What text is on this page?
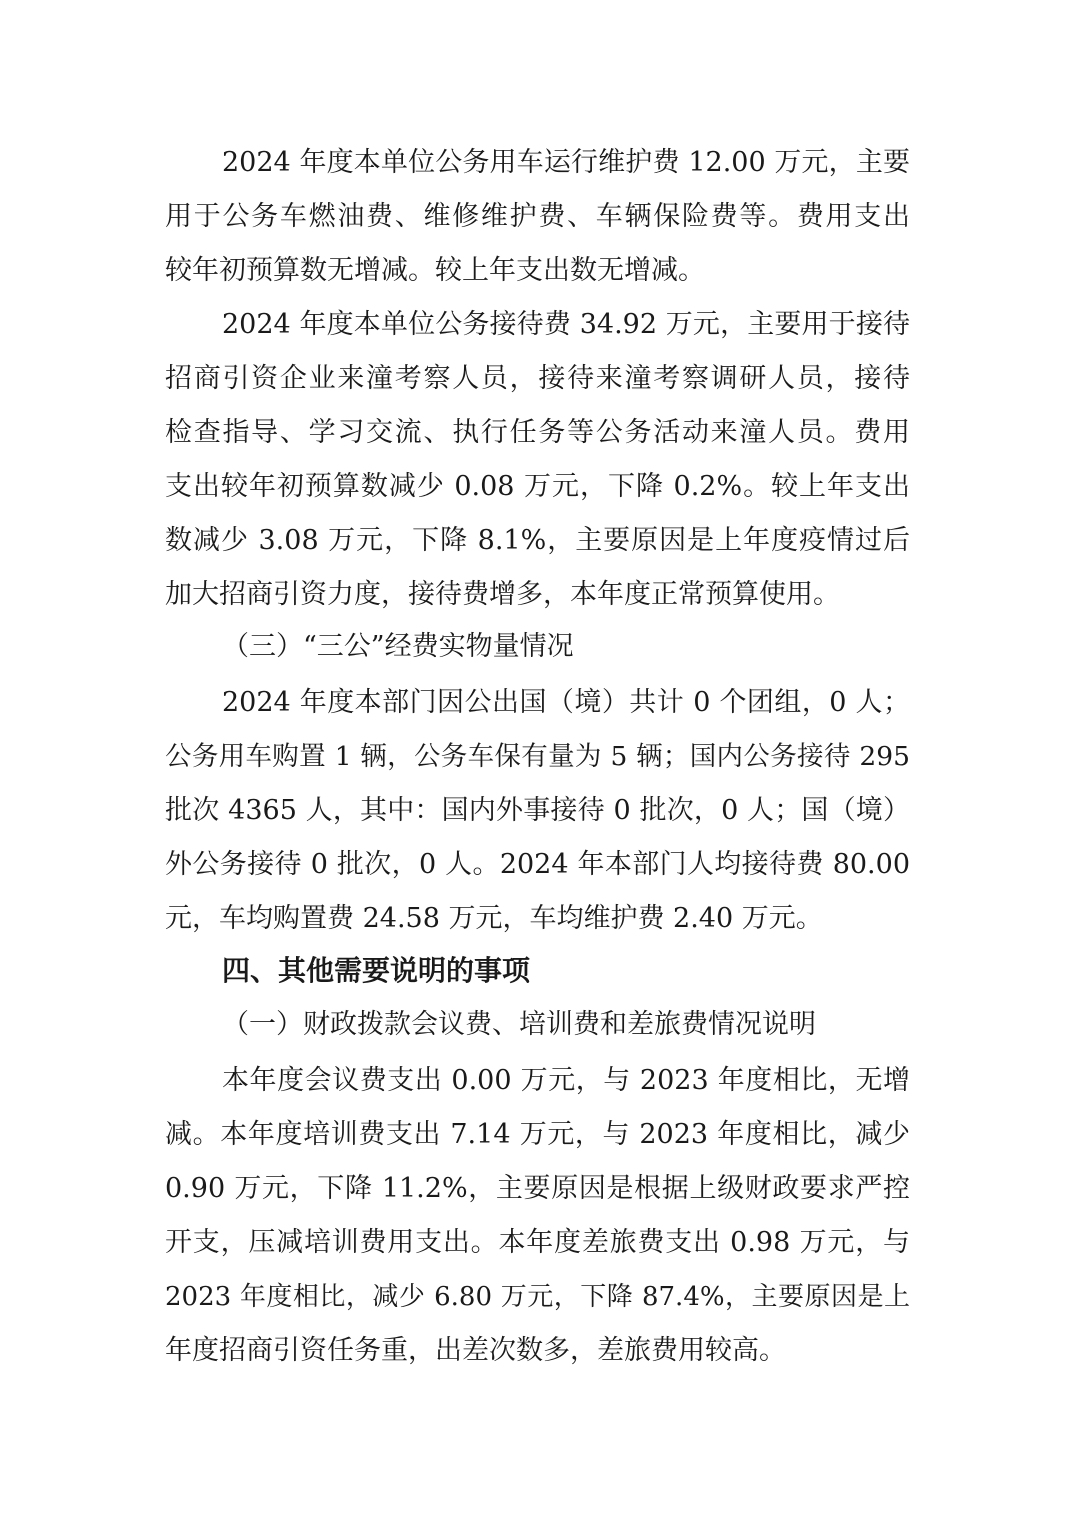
2024 年度本单位公务用车运行维护费 12.00 万元，主要
用于公务车燃油费、维修维护费、车辆保险费等。费用支出
较年初预算数无增减。较上年支出数无增减。
2024 年度本单位公务接待费 34.92 万元，主要用于接待
招商引资企业来潼考察人员，接待来潼考察调研人员，接待
检查指导、学习交流、执行任务等公务活动来潼人员。费用
支出较年初预算数减少 0.08 万元，下降 0.2%。较上年支出
数减少 3.08 万元，下降 8.1%，主要原因是上年度疫情过后
加大招商引资力度，接待费增多，本年度正常预算使用。
（三）“三公”经费实物量情况
2024 年度本部门因公出国（境）共计 0 个团组，0 人；
公务用车购置 1 辆，公务车保有量为 5 辆；国内公务接待 295
批次 4365 人，其中：国内外事接待 0 批次，0 人；国（境）
外公务接待 0 批次，0 人。2024 年本部门人均接待费 80.00
元，车均购置费 24.58 万元，车均维护费 2.40 万元。
四、其他需要说明的事项
（一）财政拨款会议费、培训费和差旅费情况说明
本年度会议费支出 0.00 万元，与 2023 年度相比，无增
减。本年度培训费支出 7.14 万元，与 2023 年度相比，减少
0.90 万元，下降 11.2%，主要原因是根据上级财政要求严控
开支，压减培训费用支出。本年度差旅费支出 0.98 万元，与
2023 年度相比，减少 6.80 万元，下降 87.4%，主要原因是上
年度招商引资任务重，出差次数多，差旅费用较高。
